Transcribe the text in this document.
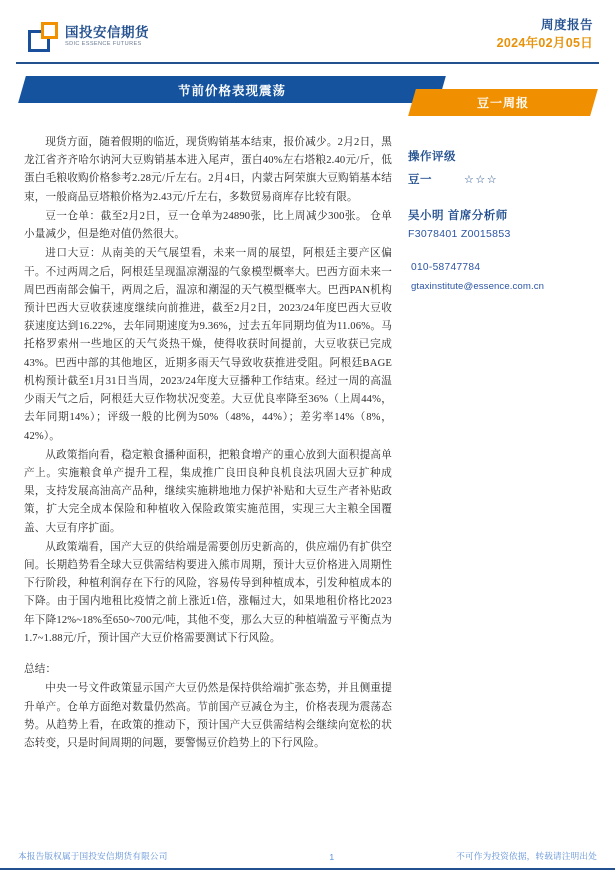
国投安信期货
SDIC ESSENCE FUTURES
周度报告
2024年02月05日
节前价格表现震荡
豆一周报

现货方面，随着假期的临近，现货购销基本结束，报价减少。2月2日，黑龙江省齐齐哈尔讷河大豆购销基本进入尾声，蛋白40%左右塔粮2.40元/斤，低蛋白毛粮收购价格参考2.28元/斤左右。2月4日，内蒙古阿荣旗大豆购销基本结束，一般商品豆塔粮价格为2.43元/斤左右，多数贸易商库存比较有限。

豆一仓单：截至2月2日，豆一仓单为24890张，比上周减少300张。 仓单小量减少，但是绝对值仍然很大。

进口大豆：从南美的天气展望看，未来一周的展望，阿根廷主要产区偏干。不过两周之后，阿根廷呈现温凉潮湿的气象模型概率大。巴西方面未来一周巴西南部会偏干，两周之后，温凉和潮湿的天气模型概率大。巴西PAN机构预计巴西大豆收获速度继续向前推进，截至2月2日，2023/24年度巴西大豆收获速度达到16.22%，去年同期速度为9.36%，过去五年同期均值为11.06%。马托格罗索州一些地区的天气炎热干燥，使得收获时间提前，大豆收获已完成43%。巴西中部的其他地区，近期多雨天气导致收获推进受阻。阿根廷BAGE机构预计截至1月31日当周，2023/24年度大豆播种工作结束。经过一周的高温少雨天气之后，阿根廷大豆作物状况变差。大豆优良率降至36%（上周44%，去年同期14%）；评级一般的比例为50%（48%，44%）；差劣率14%（8%，42%）。

从政策指向看，稳定粮食播种面积，把粮食增产的重心放到大面积提高单产上。实施粮食单产提升工程，集成推广良田良种良机良法巩固大豆扩种成果，支持发展高油高产品种，继续实施耕地地力保护补贴和大豆生产者补贴政策，扩大完全成本保险和种植收入保险政策实施范围，实现三大主粮全国覆盖、大豆有序扩面。

从政策端看，国产大豆的供给端是需要创历史新高的，供应端仍有扩供空间。长期趋势看全球大豆供需结构要进入熊市周期，预计大豆价格进入周期性下行阶段，种植利润存在下行的风险，容易传导到种植成本，引发种植成本的下降。由于国内地租比疫情之前上涨近1倍，涨幅过大，如果地租价格比2023年下降12%~18%至650~700元/吨，其他不变，那么大豆的种植端盈亏平衡点为1.7~1.88元/斤，预计国产大豆价格需要测试下行风险。

总结：

中央一号文件政策显示国产大豆仍然是保持供给端扩张态势，并且侧重提升单产。仓单方面绝对数量仍然高。节前国产豆减仓为主，价格表现为震荡态势。从趋势上看，在政策的推动下，预计国产大豆供需结构会继续向宽松的状态转变，只是时间周期的问题，要警惕豆价趋势上的下行风险。

操作评级
豆一	☆☆☆
吴小明 首席分析师
F3078401 Z0015853
010-58747784
gtaxinstitute@essence.com.cn
本报告版权属于国投安信期货有限公司	1	不可作为投资依据，转载请注明出处
